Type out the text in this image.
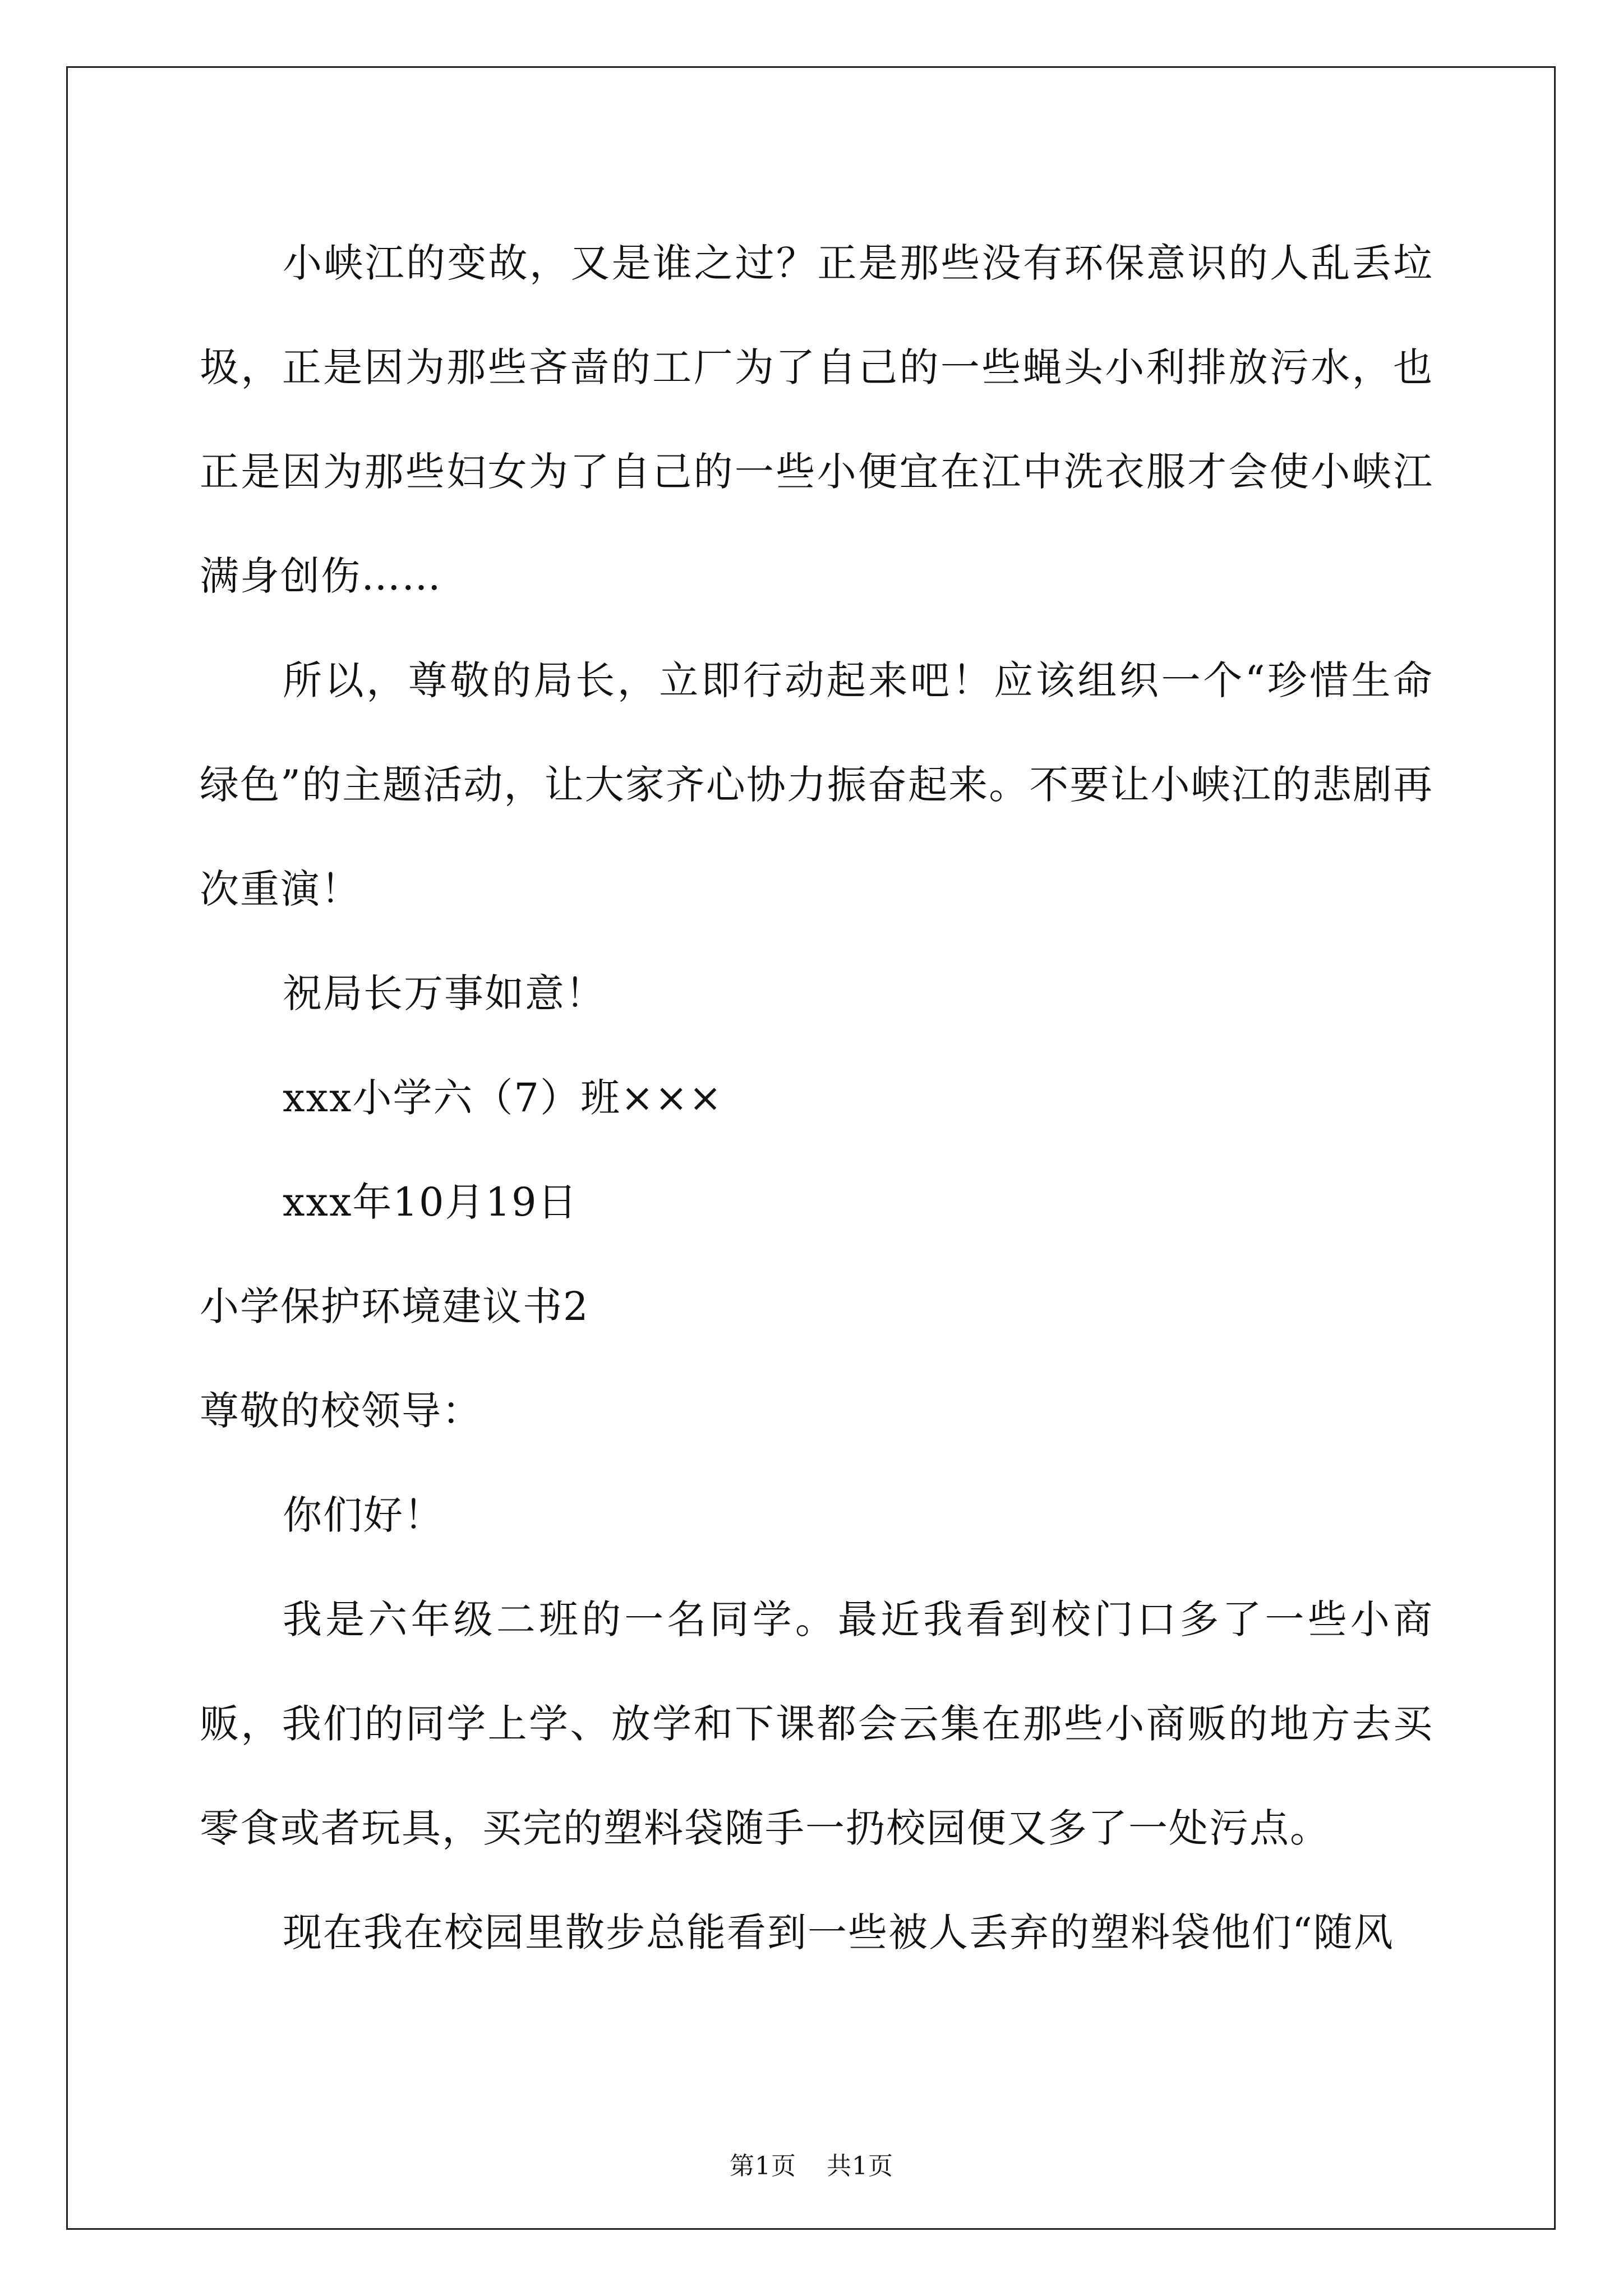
小峡江的变故，又是谁之过？正是那些没有环保意识的人乱丢垃圾，正是因为那些吝啬的工厂为了自己的一些蝇头小利排放污水，也正是因为那些妇女为了自己的一些小便宜在江中洗衣服才会使小峡江满身创伤……

所以，尊敬的局长，立即行动起来吧！应该组织一个“珍惜生命绿色”的主题活动，让大家齐心协力振奋起来。不要让小峡江的悲剧再次重演！

祝局长万事如意！

xxx小学六（7）班×××

xxx年10月19日

小学保护环境建议书2

尊敬的校领导：

你们好！

我是六年级二班的一名同学。最近我看到校门口多了一些小商贩，我们的同学上学、放学和下课都会云集在那些小商贩的地方去买零食或者玩具，买完的塑料袋随手一扔校园便又多了一处污点。

现在我在校园里散步总能看到一些被人丢弃的塑料袋他们“随风

第1页 共1页
